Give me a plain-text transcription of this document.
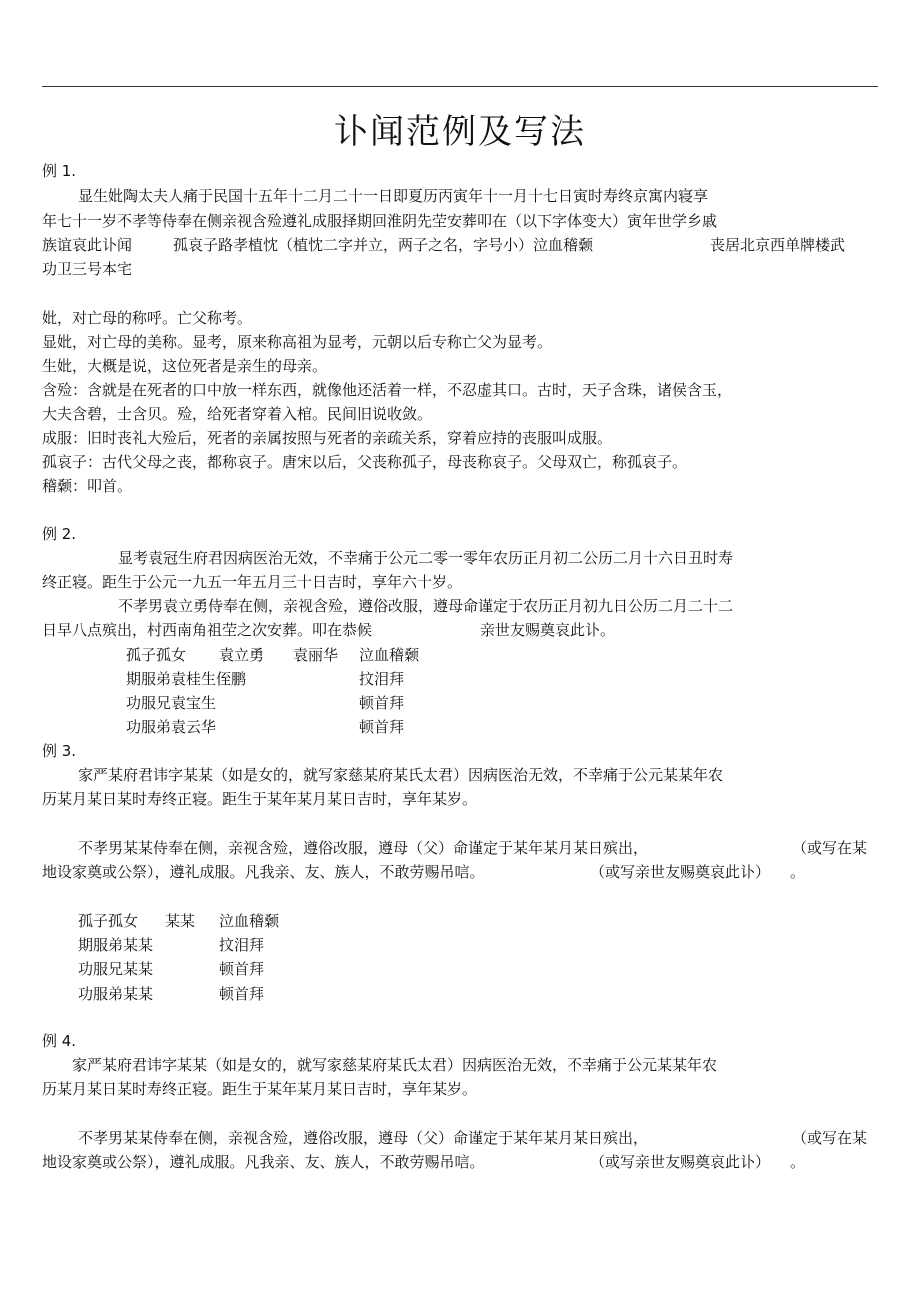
讣闻范例及写法
例 1.
显生妣陶太夫人痛于民国十五年十二月二十一日即夏历丙寅年十一月十七日寅时寿终京寓内寝享
年七十一岁不孝等侍奉在侧亲视含殓遵礼成服择期回淮阴先茔安葬叩在（以下字体变大）寅年世学乡戚
族谊哀此讣闻	孤哀子路孝植忱（植忱二字并立，两子之名，字号小）泣血稽颡	丧居北京西单牌楼武
功卫三号本宅
妣，对亡母的称呼。亡父称考。
显妣，对亡母的美称。显考，原来称高祖为显考，元朝以后专称亡父为显考。
生妣，大概是说，这位死者是亲生的母亲。
含殓：含就是在死者的口中放一样东西，就像他还活着一样，不忍虚其口。古时，天子含珠，诸侯含玉，
大夫含碧，士含贝。殓，给死者穿着入棺。民间旧说收敛。
成服：旧时丧礼大殓后，死者的亲属按照与死者的亲疏关系，穿着应持的丧服叫成服。
孤哀子：古代父母之丧，都称哀子。唐宋以后，父丧称孤子，母丧称哀子。父母双亡，称孤哀子。
稽颡：叩首。
例 2.
显考袁冠生府君因病医治无效，不幸痛于公元二零一零年农历正月初二公历二月十六日丑时寿
终正寝。距生于公元一九五一年五月三十日吉时，享年六十岁。
不孝男袁立勇侍奉在侧，亲视含殓，遵俗改服，遵母命谨定于农历正月初九日公历二月二十二
日早八点殡出，村西南角祖茔之次安葬。叩在恭候	亲世友赐奠哀此讣。
孤子孤女 袁立勇 袁丽华 泣血稽颡
期服弟袁桂生侄鹏	抆泪拜
功服兄袁宝生	顿首拜
功服弟袁云华	顿首拜
例 3.
家严某府君讳字某某（如是女的，就写家慈某府某氏太君）因病医治无效，不幸痛于公元某某年农
历某月某日某时寿终正寝。距生于某年某月某日吉时，享年某岁。
不孝男某某侍奉在侧，亲视含殓，遵俗改服，遵母（父）命谨定于某年某月某日殡出，	（或写在某
地设家奠或公祭），遵礼成服。凡我亲、友、族人，不敢劳赐吊唁。	（或写亲世友赐奠哀此讣） 。
孤子孤女 某某 泣血稽颡
期服弟某某	抆泪拜
功服兄某某	顿首拜
功服弟某某	顿首拜
例 4.
家严某府君讳字某某（如是女的，就写家慈某府某氏太君）因病医治无效，不幸痛于公元某某年农
历某月某日某时寿终正寝。距生于某年某月某日吉时，享年某岁。
不孝男某某侍奉在侧，亲视含殓，遵俗改服，遵母（父）命谨定于某年某月某日殡出，	（或写在某
地设家奠或公祭），遵礼成服。凡我亲、友、族人，不敢劳赐吊唁。	（或写亲世友赐奠哀此讣） 。
